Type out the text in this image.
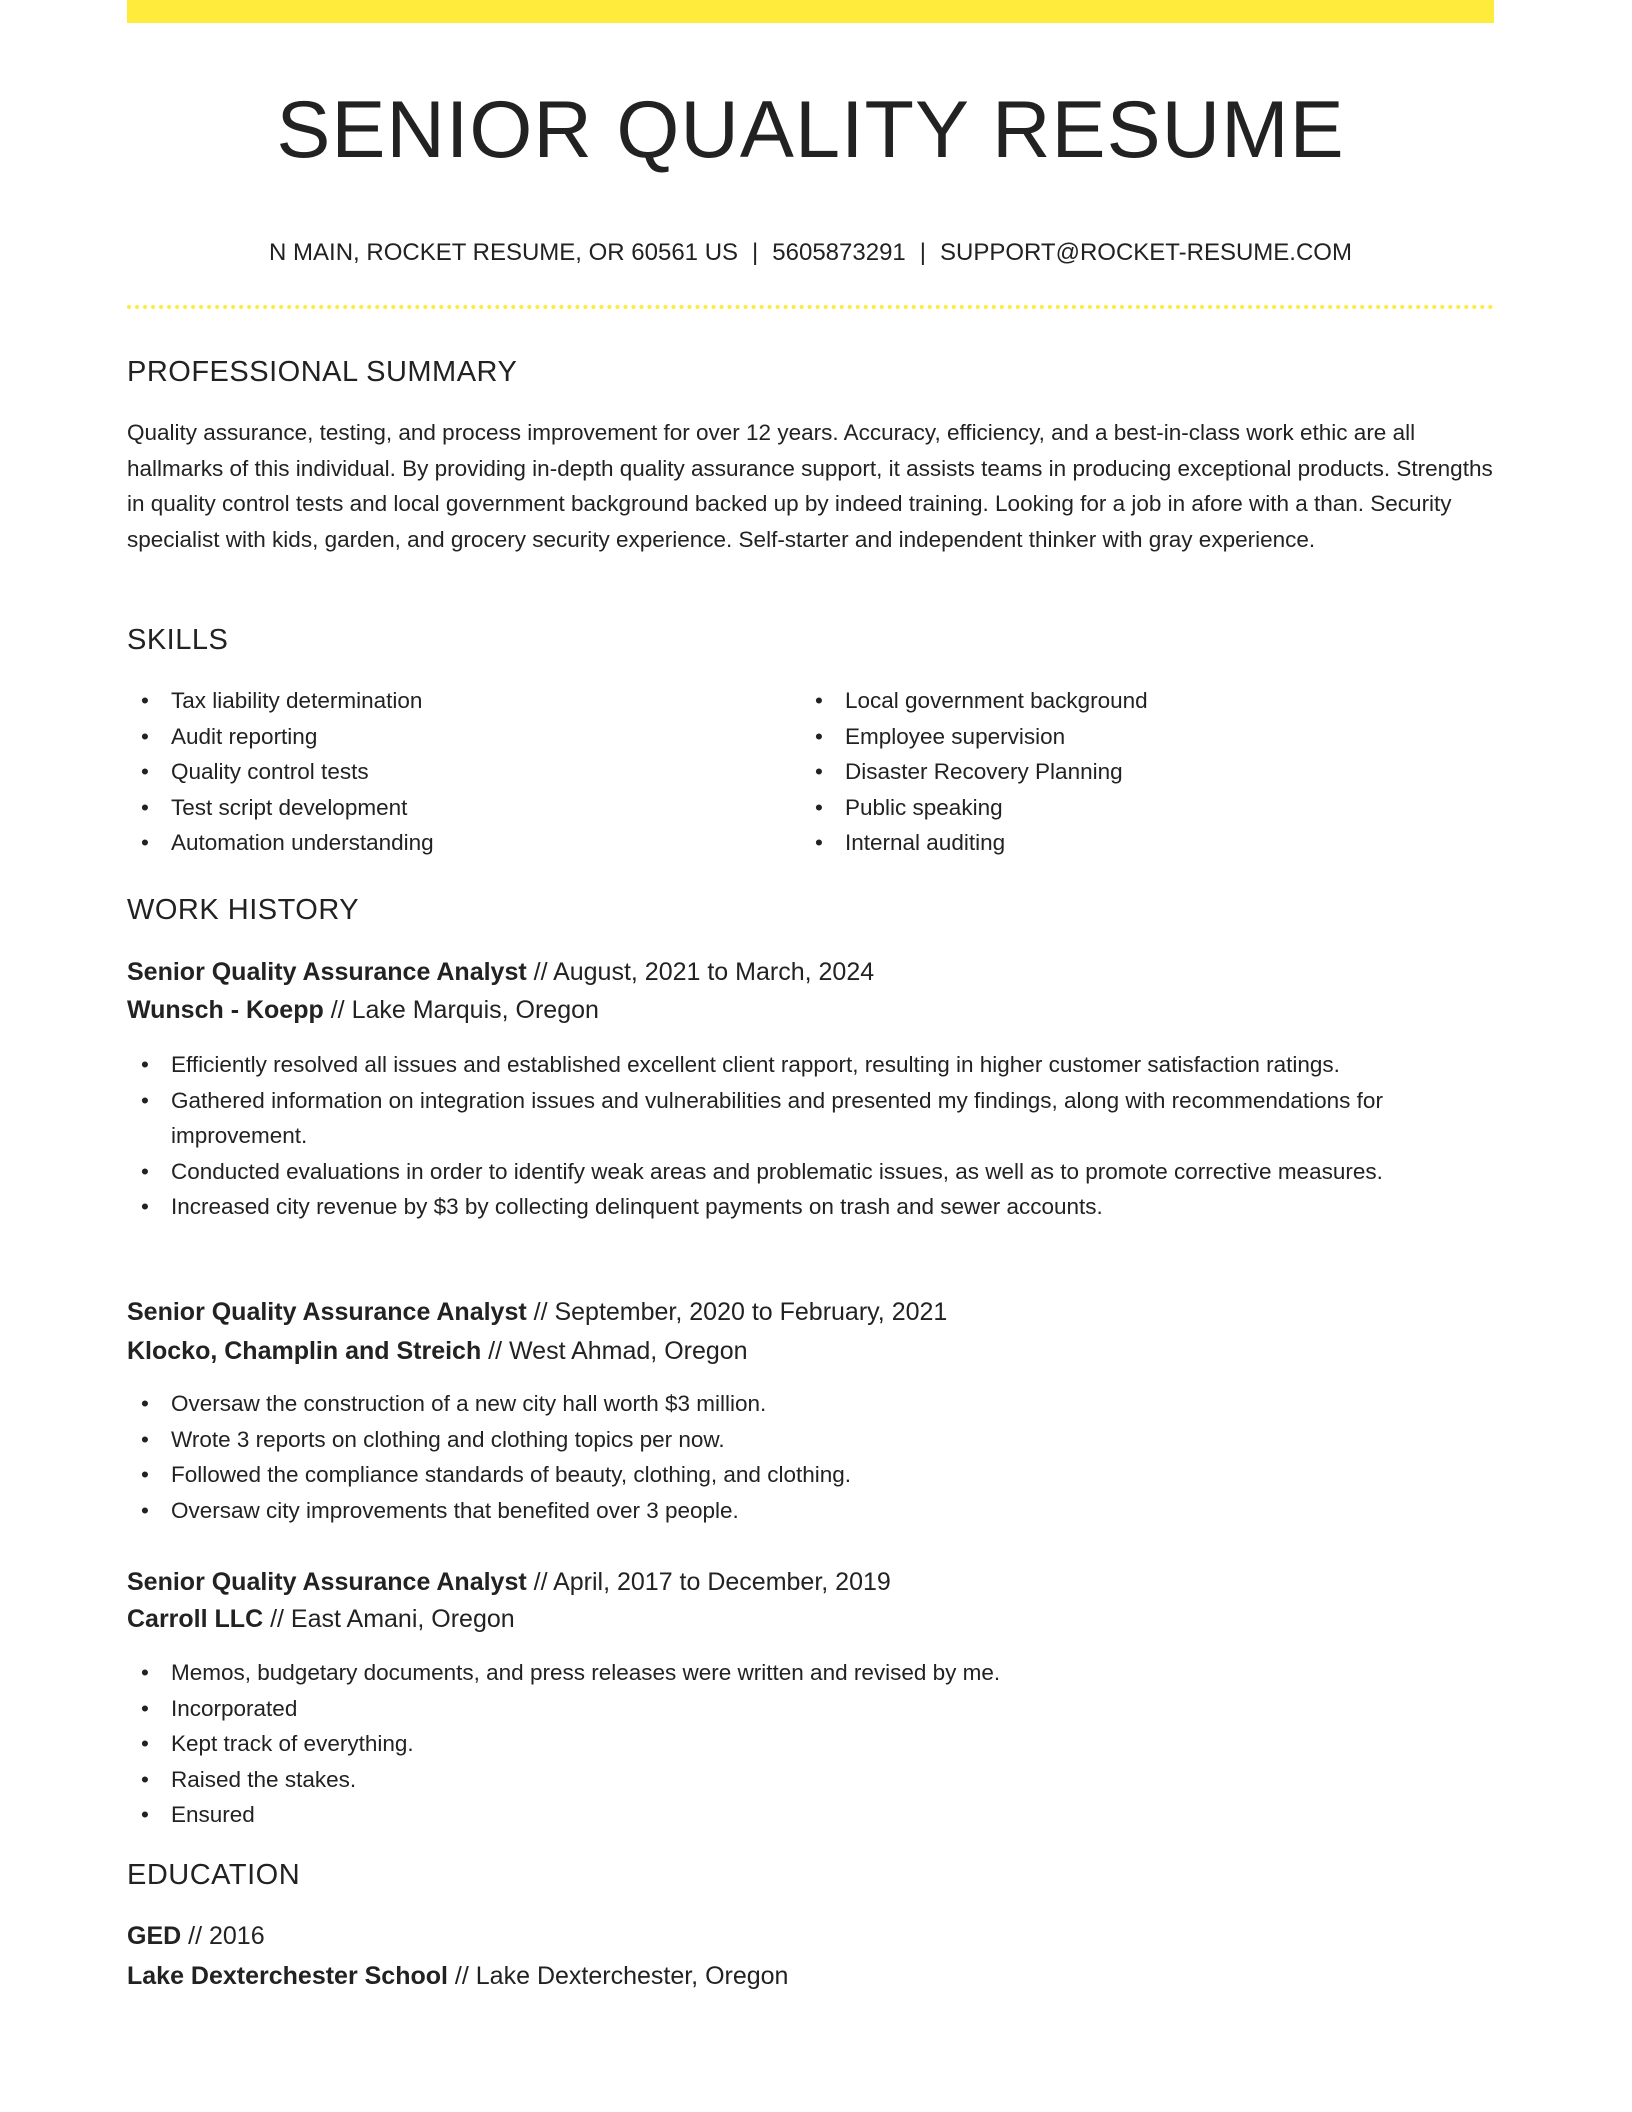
SENIOR QUALITY RESUME
N MAIN, ROCKET RESUME, OR 60561 US | 5605873291 | SUPPORT@ROCKET-RESUME.COM
PROFESSIONAL SUMMARY

Quality assurance, testing, and process improvement for over 12 years. Accuracy, efficiency, and a best-in-class work ethic are all hallmarks of this individual. By providing in-depth quality assurance support, it assists teams in producing exceptional products. Strengths in quality control tests and local government background backed up by indeed training. Looking for a job in afore with a than. Security specialist with kids, garden, and grocery security experience. Self-starter and independent thinker with gray experience.

SKILLS
• Tax liability determination
• Audit reporting
• Quality control tests
• Test script development
• Automation understanding
• Local government background
• Employee supervision
• Disaster Recovery Planning
• Public speaking
• Internal auditing
WORK HISTORY
Senior Quality Assurance Analyst // August, 2021 to March, 2024
Wunsch - Koepp // Lake Marquis, Oregon
• Efficiently resolved all issues and established excellent client rapport, resulting in higher customer satisfaction ratings.
• Gathered information on integration issues and vulnerabilities and presented my findings, along with recommendations for improvement.
• Conducted evaluations in order to identify weak areas and problematic issues, as well as to promote corrective measures.
• Increased city revenue by $3 by collecting delinquent payments on trash and sewer accounts.
Senior Quality Assurance Analyst // September, 2020 to February, 2021
Klocko, Champlin and Streich // West Ahmad, Oregon
• Oversaw the construction of a new city hall worth $3 million.
• Wrote 3 reports on clothing and clothing topics per now.
• Followed the compliance standards of beauty, clothing, and clothing.
• Oversaw city improvements that benefited over 3 people.
Senior Quality Assurance Analyst // April, 2017 to December, 2019
Carroll LLC // East Amani, Oregon
• Memos, budgetary documents, and press releases were written and revised by me.
• Incorporated
• Kept track of everything.
• Raised the stakes.
• Ensured
EDUCATION
GED // 2016
Lake Dexterchester School // Lake Dexterchester, Oregon
